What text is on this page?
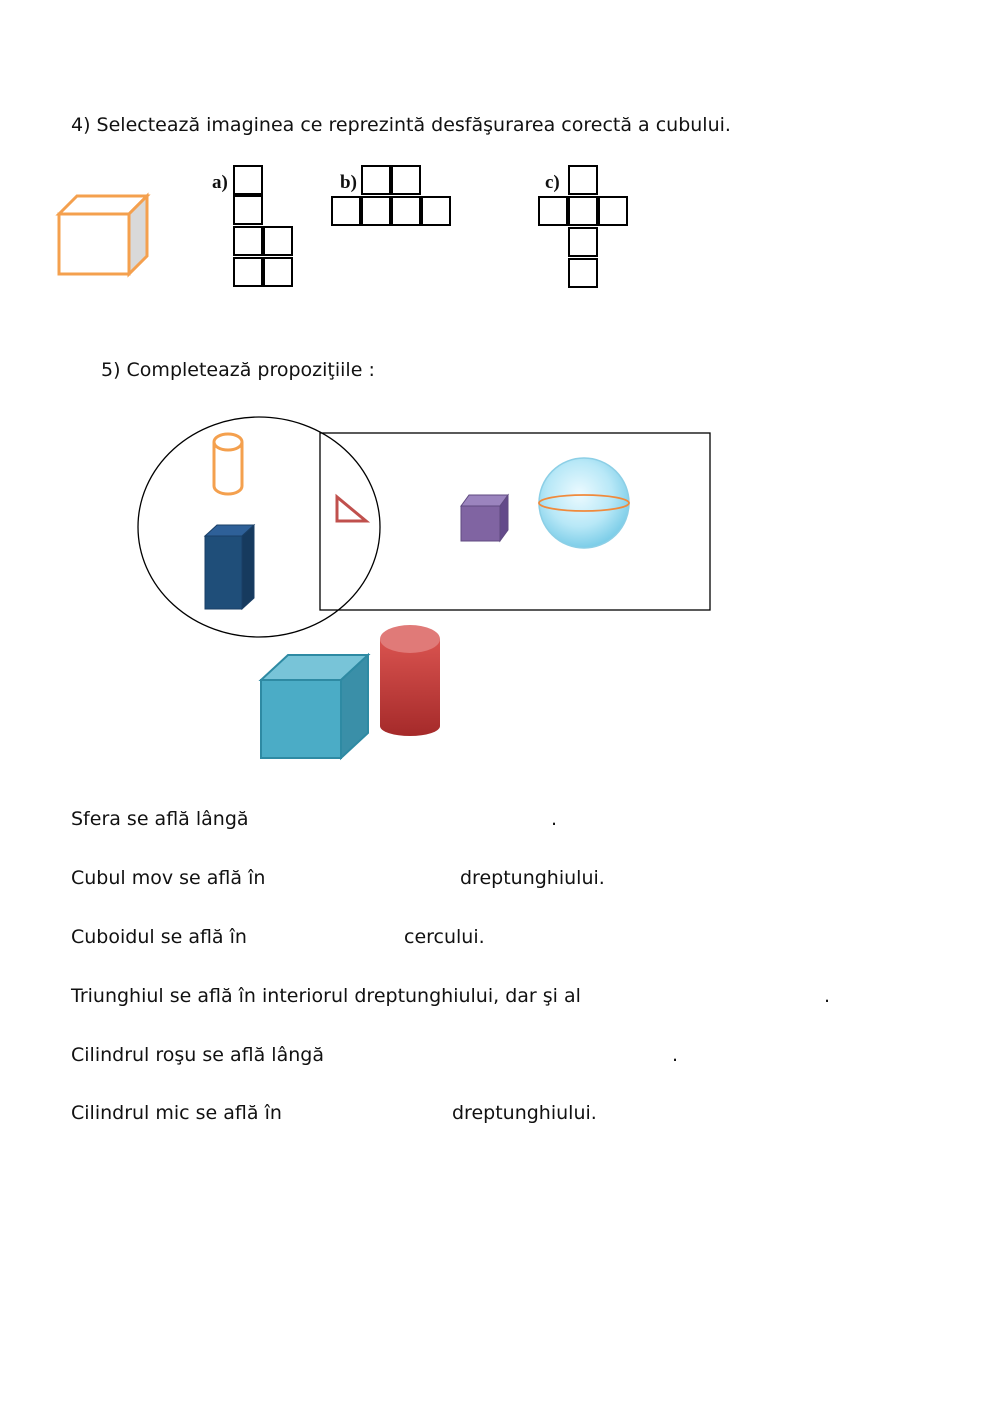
4) Selectează imaginea ce reprezintă desfăşurarea corectă a cubului.
a)	b)	c)
5) Completează propoziţiile :
Sfera se află lângă	.
Cubul mov se află în	dreptunghiului.
Cuboidul se află în	cercului.
Triunghiul se află în interiorul dreptunghiului, dar şi al	.
Cilindrul roşu se află lângă	.
Cilindrul mic se află în	dreptunghiului.
